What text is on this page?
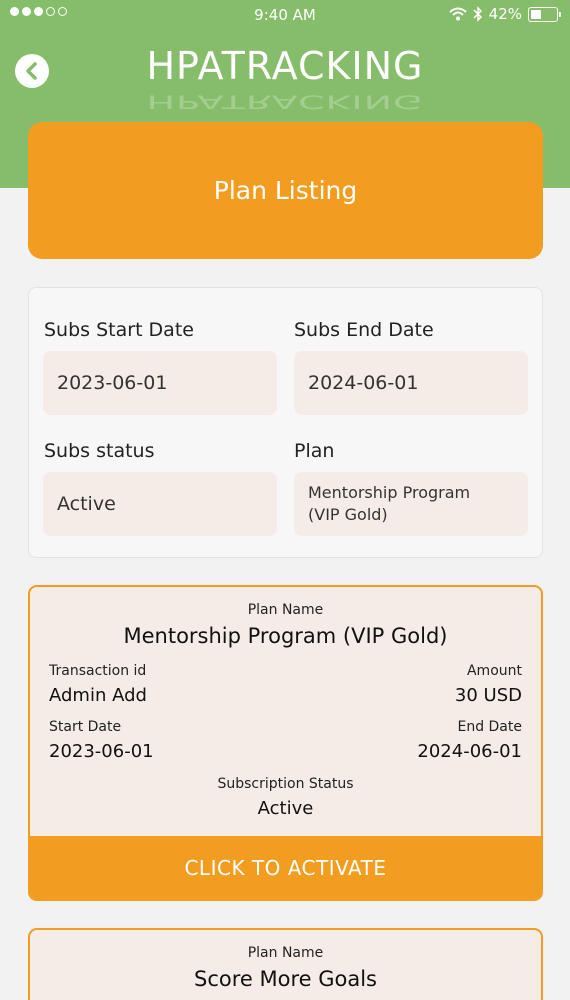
9:40 AM	42%
HPATRACKING
HPATRACKING
Plan Listing
Subs Start Date
2023-06-01
Subs End Date
2024-06-01
Subs status
Active
Plan
Mentorship Program
(VIP Gold)
Plan Name
Mentorship Program (VIP Gold)
Transaction id
Admin Add
Amount
30 USD
Start Date
2023-06-01
End Date
2024-06-01
Subscription Status
Active
CLICK TO ACTIVATE
Plan Name
Score More Goals
